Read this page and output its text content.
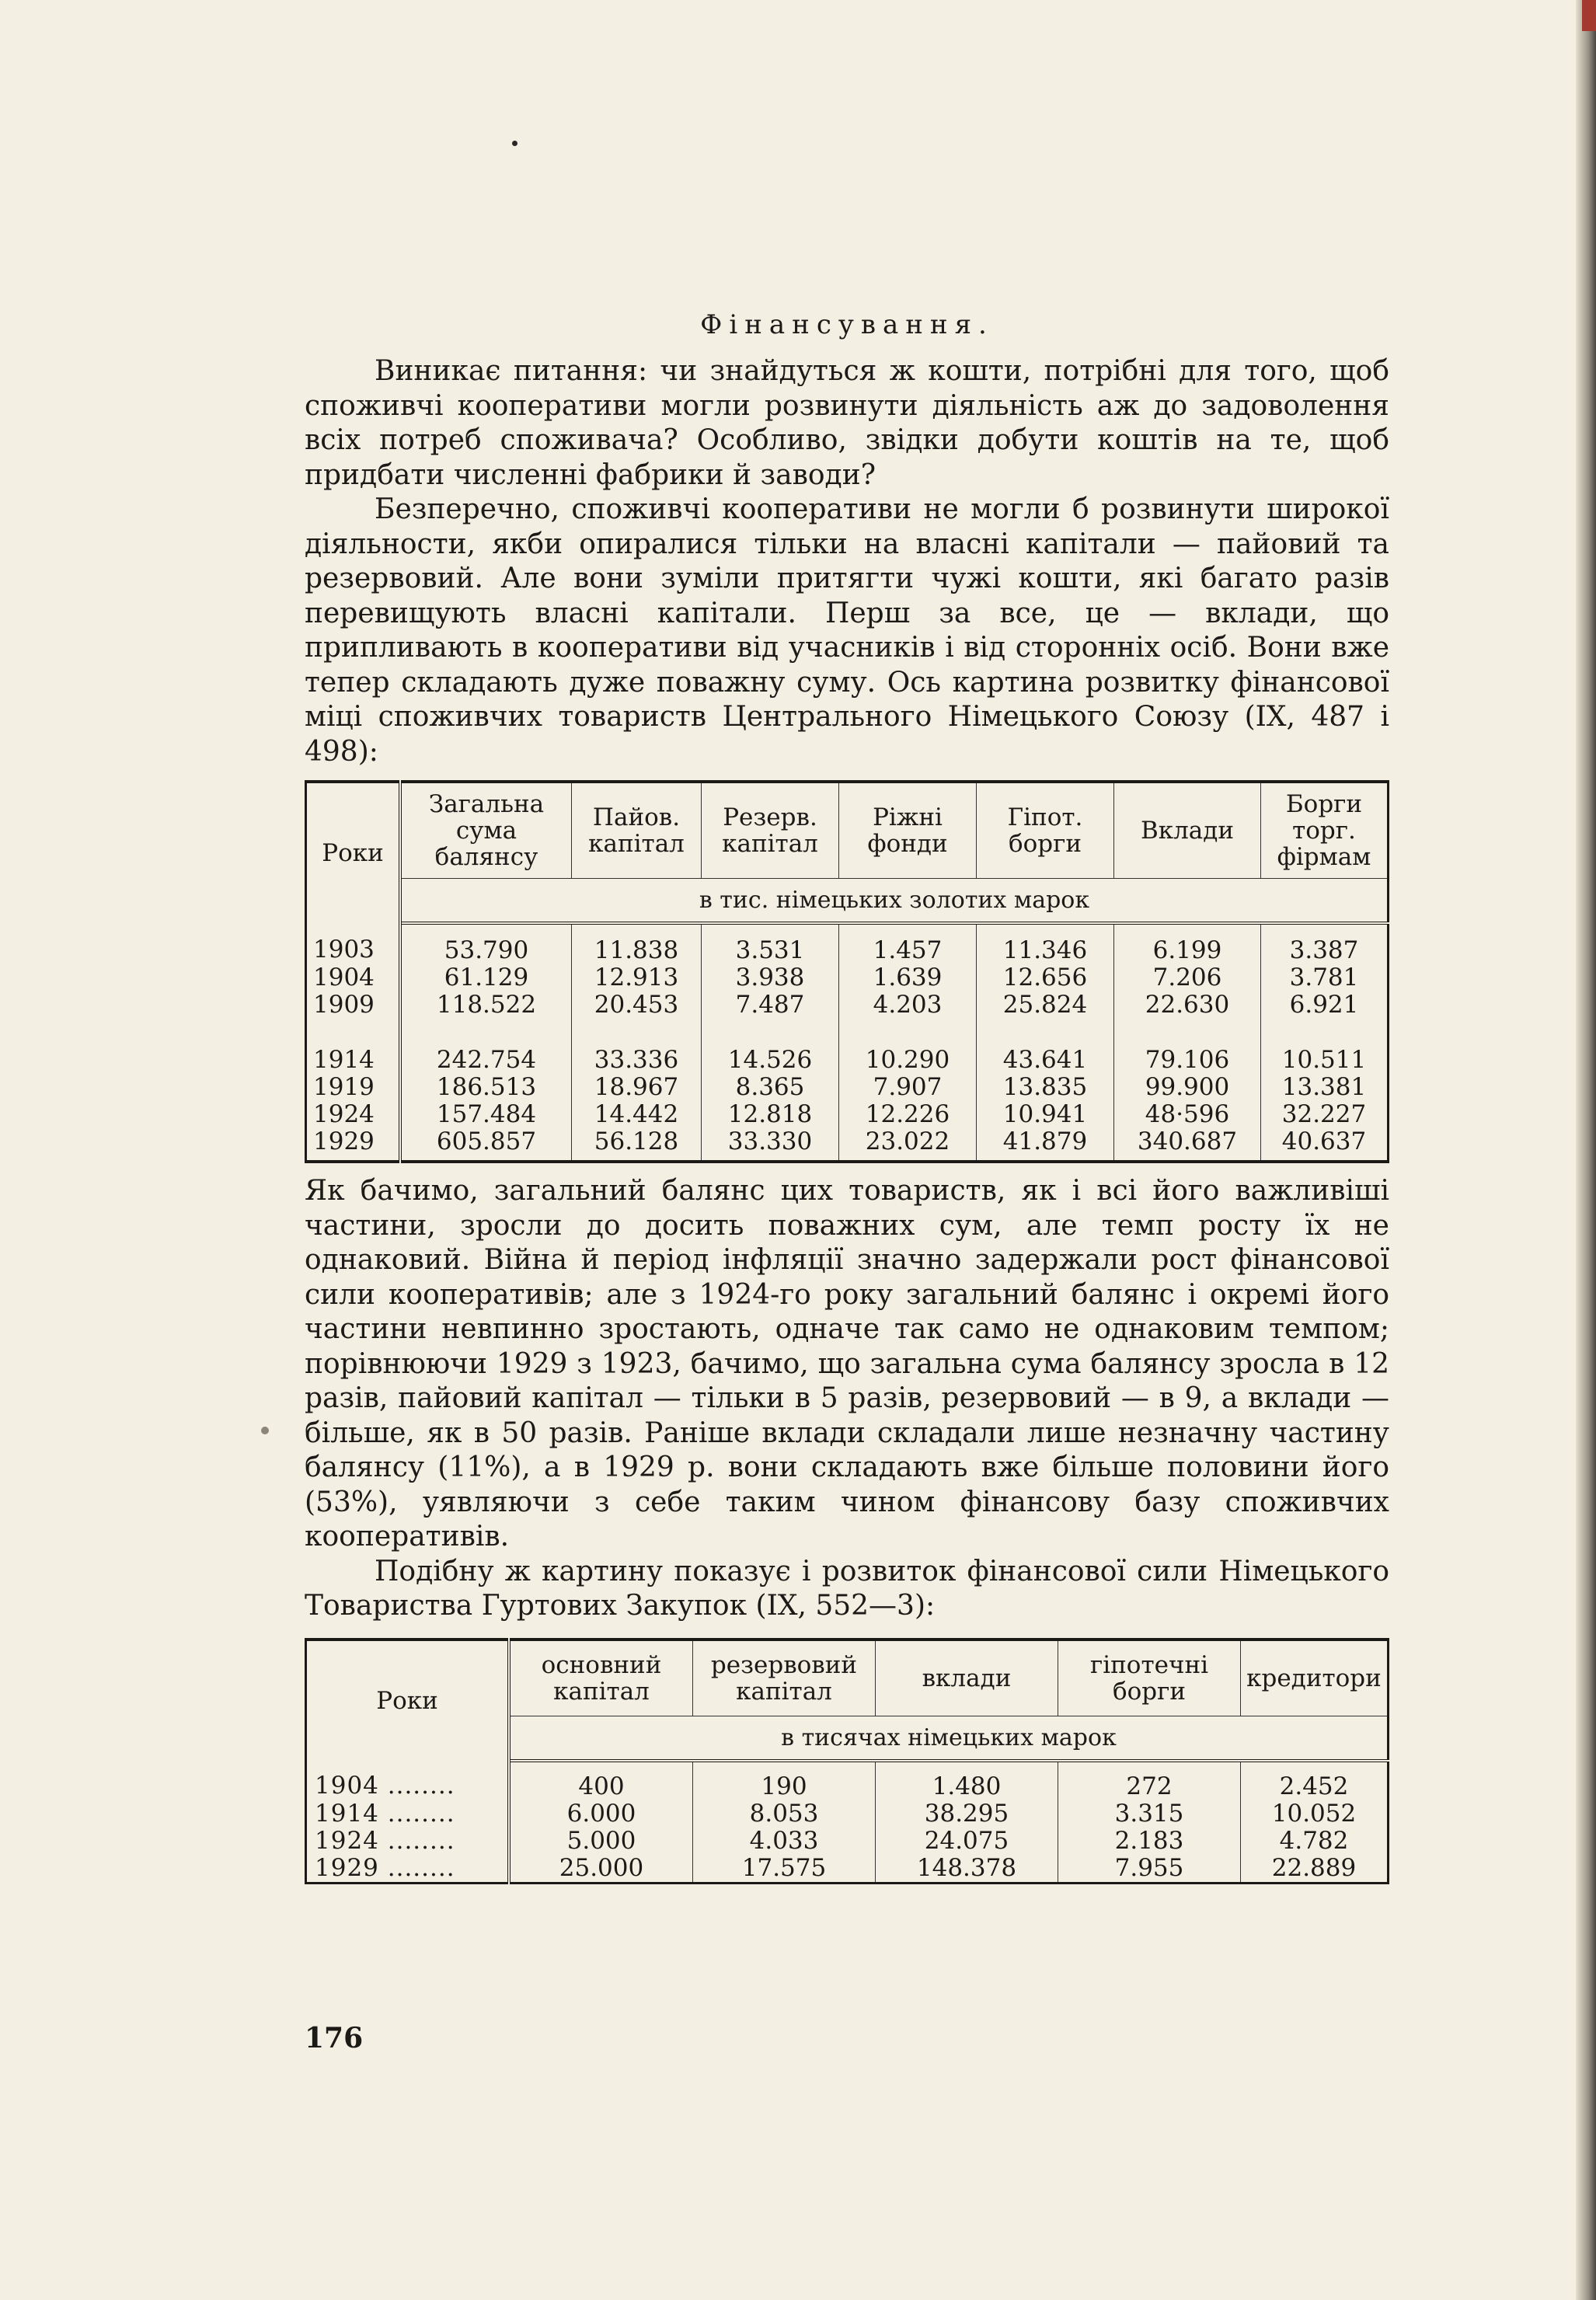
Фінансування.

Виникає питання: чи знайдуться ж кошти, потрібні для того, щоб споживчі кооперативи могли розвинути діяльність аж до задоволення всіх потреб споживача? Особливо, звідки добути коштів на те, щоб придбати численні фабрики й заводи?

Безперечно, споживчі кооперативи не могли б розвинути широкої діяльности, якби опиралися тільки на власні капітали — пайовий та резервовий. Але вони зуміли притягти чужі кошти, які багато разів перевищують власні капітали. Перш за все, це — вклади, що припливають в кооперативи від учасників і від сторонніх осіб. Вони вже тепер складають дуже поважну суму. Ось картина розвитку фінансової міці споживчих товариств Центрального Німецького Союзу (IX, 487 і 498):

Роки	Загальна сума балянсу	Пайов. капітал	Резерв. капітал	Ріжні фонди	Гіпот. борги	Вклади	Борги торг. фірмам
	в тис. німецьких золотих марок						
1903	53.790	11.838	3.531	1.457	11.346	6.199	3.387
1904	61.129	12.913	3.938	1.639	12.656	7.206	3.781
1909	118.522	20.453	7.487	4.203	25.824	22.630	6.921
1914	242.754	33.336	14.526	10.290	43.641	79.106	10.511
1919	186.513	18.967	8.365	7.907	13.835	99.900	13.381
1924	157.484	14.442	12.818	12.226	10.941	48·596	32.227
1929	605.857	56.128	33.330	23.022	41.879	340.687	40.637

Як бачимо, загальний балянс цих товариств, як і всі його важливіші частини, зросли до досить поважних сум, але темп росту їх не однаковий. Війна й період інфляції значно задержали рост фінансової сили кооперативів; але з 1924-го року загальний балянс і окремі його частини невпинно зростають, одначе так само не однаковим темпом; порівнюючи 1929 з 1923, бачимо, що загальна сума балянсу зросла в 12 разів, пайовий капітал — тільки в 5 разів, резервовий — в 9, а вклади — більше, як в 50 разів. Раніше вклади складали лише незначну частину балянсу (11%), а в 1929 р. вони складають вже більше половини його (53%), уявляючи з себе таким чином фінансову базу споживчих кооперативів.

Подібну ж картину показує і розвиток фінансової сили Німецького Товариства Гуртових Закупок (IX, 552—3):

Роки	основний капітал	резервовий капітал	вклади	гіпотечні борги	кредитори
	в тисячах німецьких марок				
1904 ........	400	190	1.480	272	2.452
1914 ........	6.000	8.053	38.295	3.315	10.052
1924 ........	5.000	4.033	24.075	2.183	4.782
1929 ........	25.000	17.575	148.378	7.955	22.889
176
